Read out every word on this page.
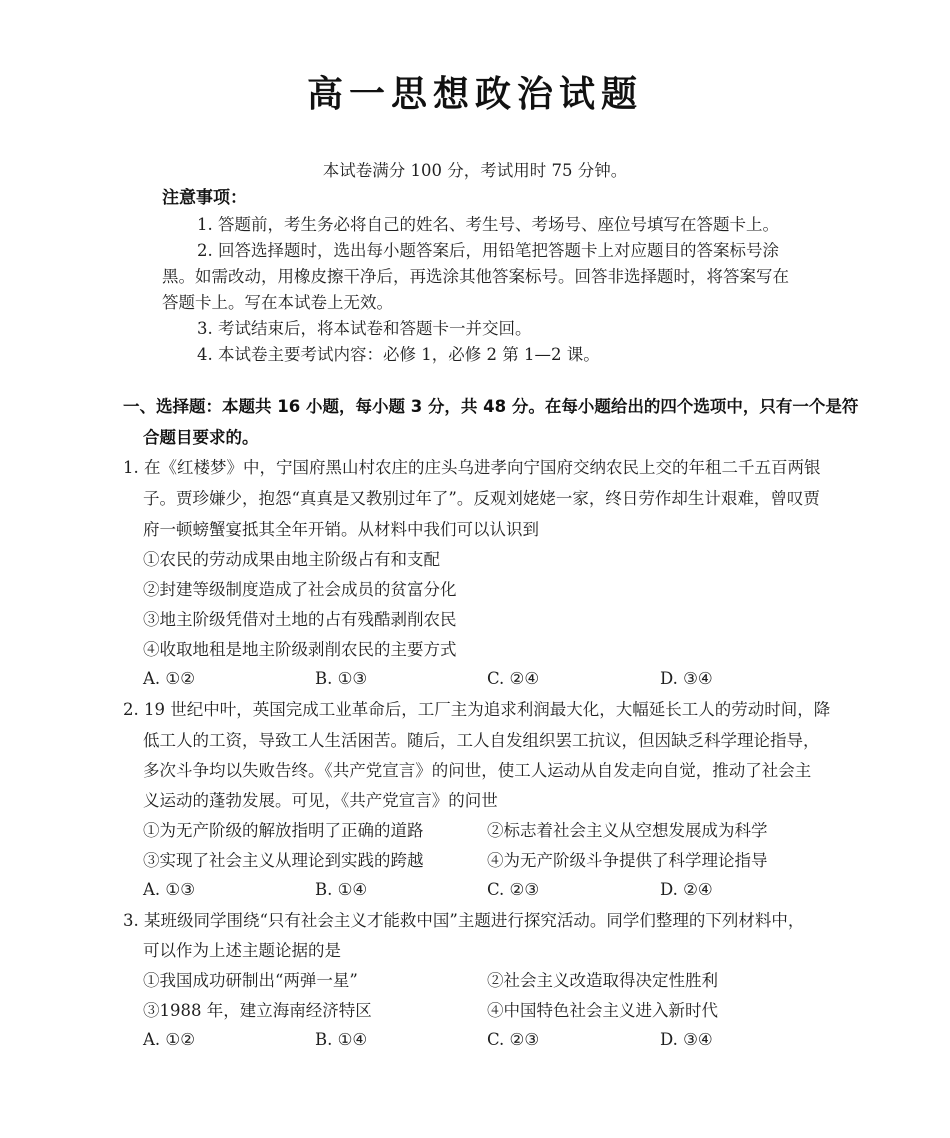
高一思想政治试题
本试卷满分 100 分，考试用时 75 分钟。
注意事项：
1. 答题前，考生务必将自己的姓名、考生号、考场号、座位号填写在答题卡上。
2. 回答选择题时，选出每小题答案后，用铅笔把答题卡上对应题目的答案标号涂
黑。如需改动，用橡皮擦干净后，再选涂其他答案标号。回答非选择题时，将答案写在
答题卡上。写在本试卷上无效。
3. 考试结束后，将本试卷和答题卡一并交回。
4. 本试卷主要考试内容：必修 1，必修 2 第 1—2 课。
一、选择题：本题共 16 小题，每小题 3 分，共 48 分。在每小题给出的四个选项中，只有一个是符
合题目要求的。
1. 在《红楼梦》中，宁国府黑山村农庄的庄头乌进孝向宁国府交纳农民上交的年租二千五百两银
子。贾珍嫌少，抱怨“真真是又教别过年了”。反观刘姥姥一家，终日劳作却生计艰难，曾叹贾
府一顿螃蟹宴抵其全年开销。从材料中我们可以认识到
①农民的劳动成果由地主阶级占有和支配
②封建等级制度造成了社会成员的贫富分化
③地主阶级凭借对土地的占有残酷剥削农民
④收取地租是地主阶级剥削农民的主要方式
A. ①②	B. ①③	C. ②④	D. ③④
2. 19 世纪中叶，英国完成工业革命后，工厂主为追求利润最大化，大幅延长工人的劳动时间，降
低工人的工资，导致工人生活困苦。随后，工人自发组织罢工抗议，但因缺乏科学理论指导，
多次斗争均以失败告终。《共产党宣言》的问世，使工人运动从自发走向自觉，推动了社会主
义运动的蓬勃发展。可见，《共产党宣言》的问世
①为无产阶级的解放指明了正确的道路	②标志着社会主义从空想发展成为科学
③实现了社会主义从理论到实践的跨越	④为无产阶级斗争提供了科学理论指导
A. ①③	B. ①④	C. ②③	D. ②④
3. 某班级同学围绕“只有社会主义才能救中国”主题进行探究活动。同学们整理的下列材料中，
可以作为上述主题论据的是
①我国成功研制出“两弹一星”	②社会主义改造取得决定性胜利
③1988 年，建立海南经济特区	④中国特色社会主义进入新时代
A. ①②	B. ①④	C. ②③	D. ③④
